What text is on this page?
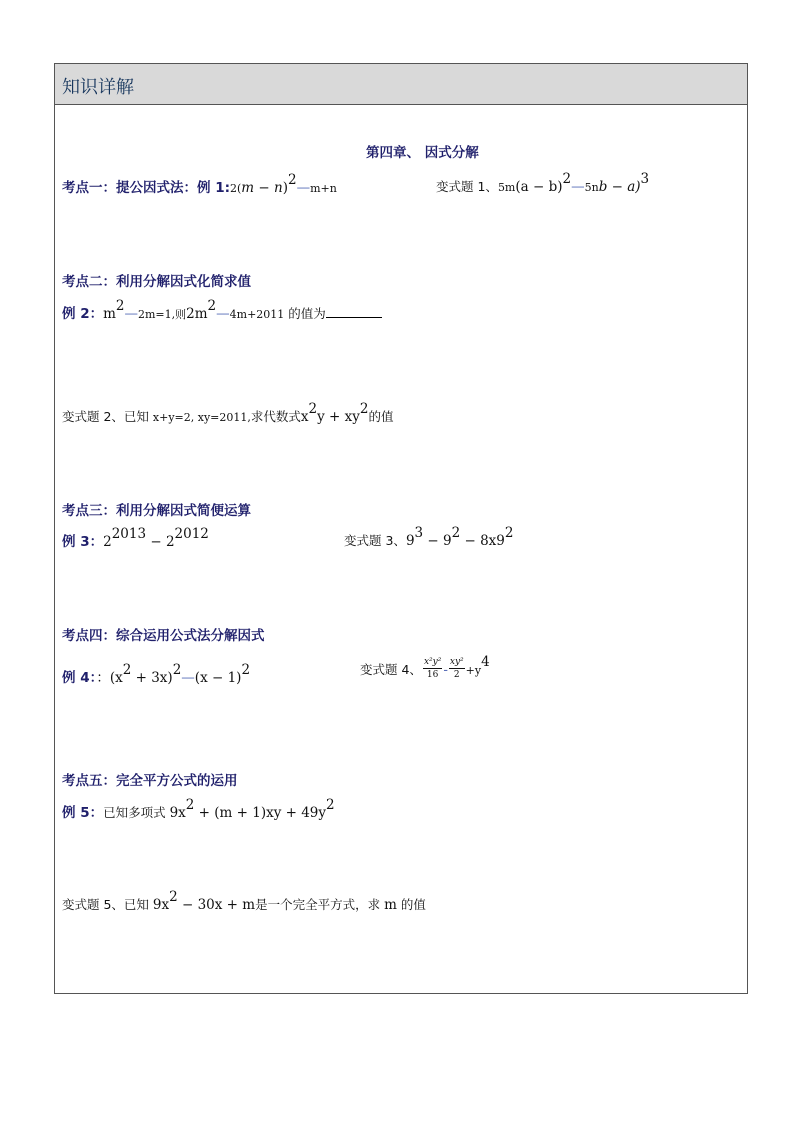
知识详解
第四章、 因式分解
考点一：提公因式法：例 1:2(m − n)$^2$—m+n	变式题 1、$5m(a - b)^2—5nb - a)^3$
考点二：利用分解因式化简求值
例 2：$m^2—2m=1$,则$2m^2—4m+2011$ 的值为
变式题 2、已知 x+y=2, xy=2011,求代数式$x^2y + xy^2$的值
考点三：利用分解因式简便运算
例 3：$2^{2013} - 2^{2012}$	变式题 3、$9^3 - 9^2 - 8x9^2$
考点四：综合运用公式法分解因式
例 4：：($x^2$ + $3x)^2—(x - 1)^2$	变式题 4、 $\frac{\text{x²y²}}{16} - \frac{\text{xy²}}{2} +y^4$
考点五：完全平方公式的运用
例 5：已知多项式 $9x^2 + (m + 1)xy + 49y^2$
变式题 5、已知 $9x^2 - 30x + m$是一个完全平方式，求 m 的值
